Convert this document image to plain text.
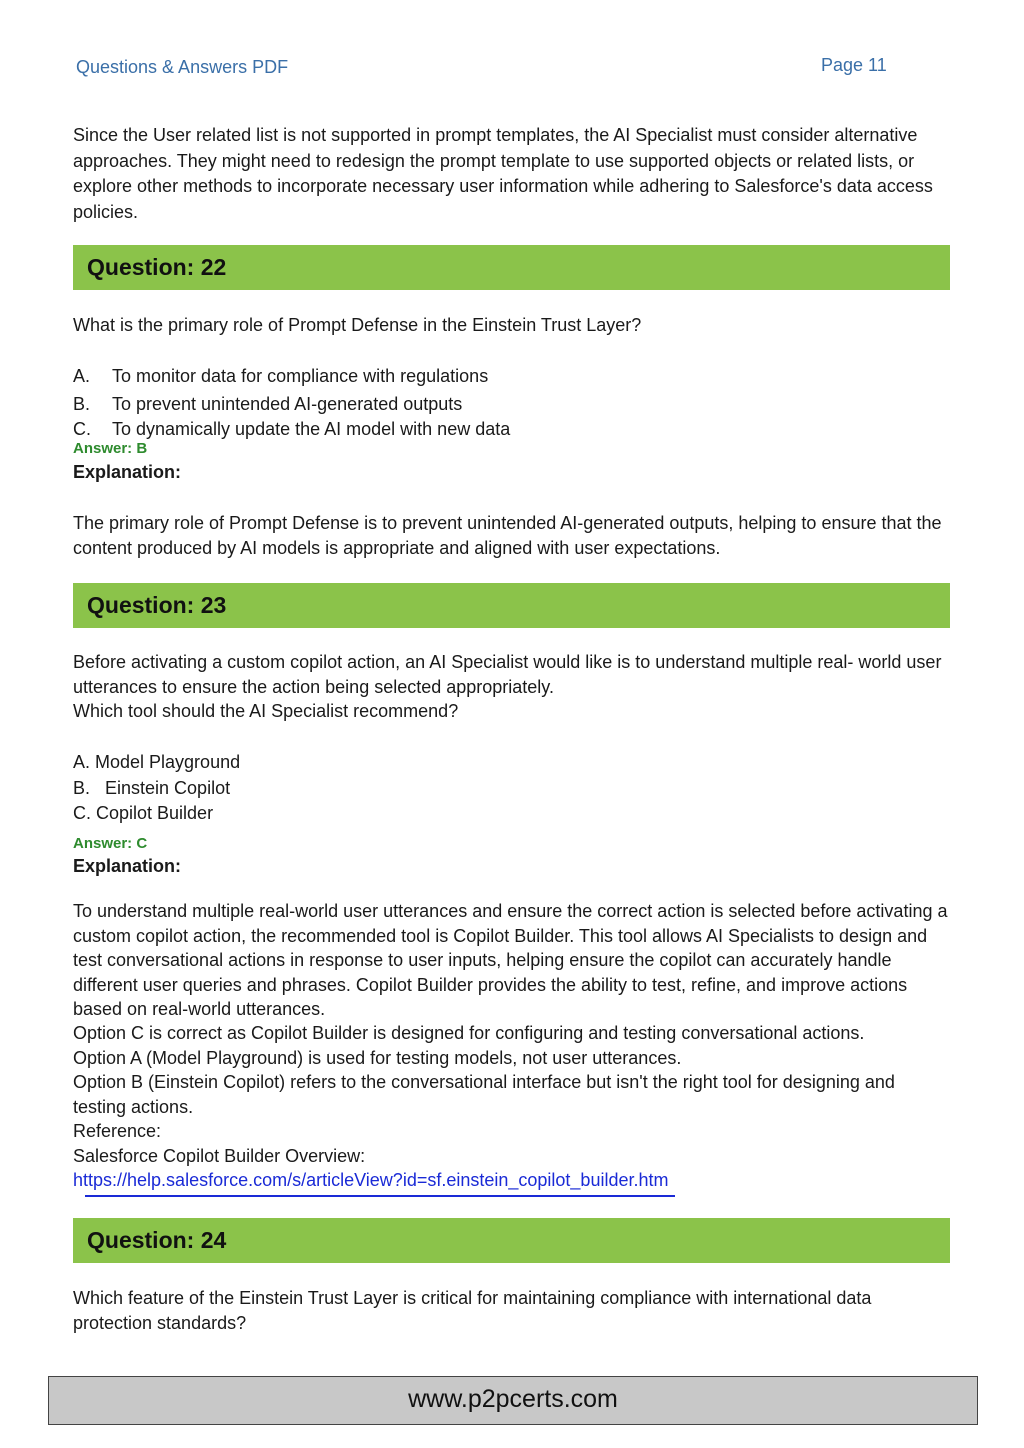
Questions & Answers PDF	Page 11

Since the User related list is not supported in prompt templates, the AI Specialist must consider alternative approaches. They might need to redesign the prompt template to use supported objects or related lists, or explore other methods to incorporate necessary user information while adhering to Salesforce's data access policies.

Question: 22

What is the primary role of Prompt Defense in the Einstein Trust Layer?

A. To monitor data for compliance with regulations
B. To prevent unintended AI-generated outputs
C. To dynamically update the AI model with new data
Answer: B
Explanation:

The primary role of Prompt Defense is to prevent unintended AI-generated outputs, helping to ensure that the content produced by AI models is appropriate and aligned with user expectations.

Question: 23

Before activating a custom copilot action, an AI Specialist would like is to understand multiple real- world user utterances to ensure the action being selected appropriately.

Which tool should the AI Specialist recommend?

A. Model Playground
B.   Einstein Copilot
C. Copilot Builder
Answer: C
Explanation:

To understand multiple real-world user utterances and ensure the correct action is selected before activating a custom copilot action, the recommended tool is Copilot Builder. This tool allows AI Specialists to design and test conversational actions in response to user inputs, helping ensure the copilot can accurately handle different user queries and phrases. Copilot Builder provides the ability to test, refine, and improve actions based on real-world utterances.

Option C is correct as Copilot Builder is designed for configuring and testing conversational actions.

Option A (Model Playground) is used for testing models, not user utterances.

Option B (Einstein Copilot) refers to the conversational interface but isn't the right tool for designing and testing actions.

Reference:

Salesforce Copilot Builder Overview:

https://help.salesforce.com/s/articleView?id=sf.einstein_copilot_builder.htm

Question: 24

Which feature of the Einstein Trust Layer is critical for maintaining compliance with international data protection standards?

www.p2pcerts.com
